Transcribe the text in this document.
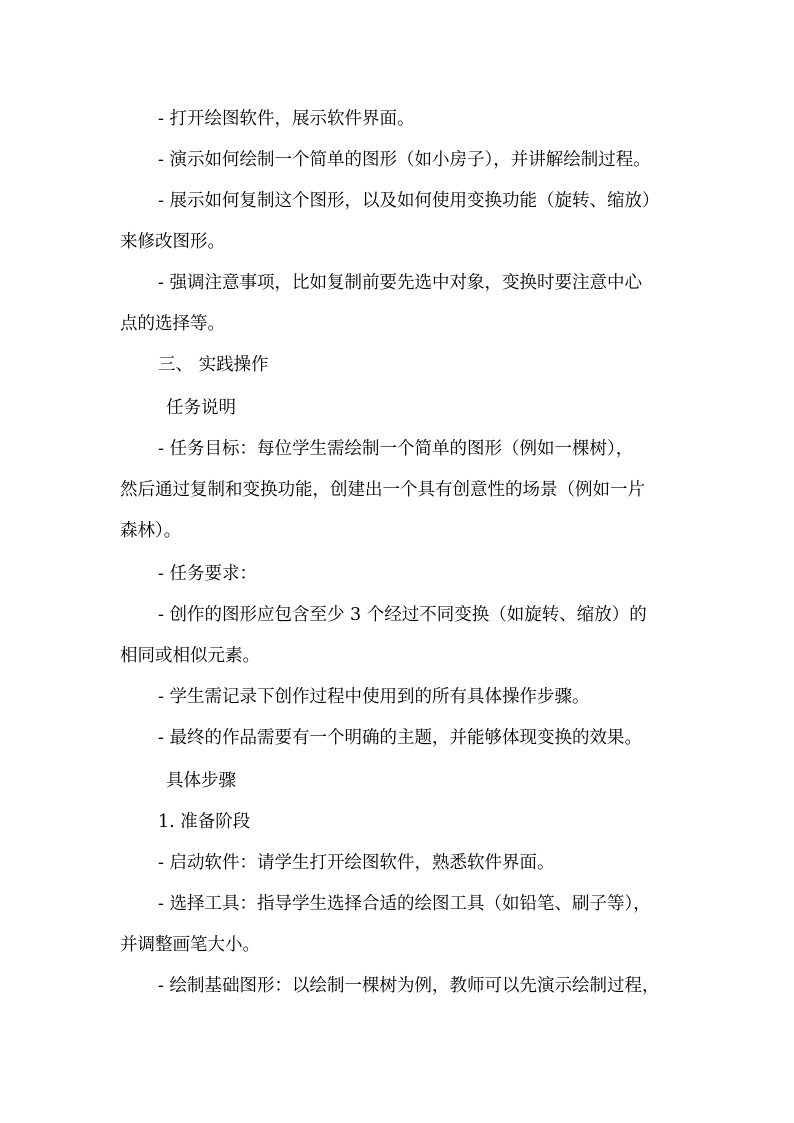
- 打开绘图软件，展示软件界面。
- 演示如何绘制一个简单的图形（如小房子），并讲解绘制过程。
- 展示如何复制这个图形，以及如何使用变换功能（旋转、缩放）
来修改图形。
- 强调注意事项，比如复制前要先选中对象，变换时要注意中心
点的选择等。
三、 实践操作
任务说明
- 任务目标：每位学生需绘制一个简单的图形（例如一棵树），
然后通过复制和变换功能，创建出一个具有创意性的场景（例如一片
森林）。
- 任务要求：
- 创作的图形应包含至少 3 个经过不同变换（如旋转、缩放）的
相同或相似元素。
- 学生需记录下创作过程中使用到的所有具体操作步骤。
- 最终的作品需要有一个明确的主题，并能够体现变换的效果。
具体步骤
1. 准备阶段
- 启动软件：请学生打开绘图软件，熟悉软件界面。
- 选择工具：指导学生选择合适的绘图工具（如铅笔、刷子等），
并调整画笔大小。
- 绘制基础图形：以绘制一棵树为例，教师可以先演示绘制过程，
